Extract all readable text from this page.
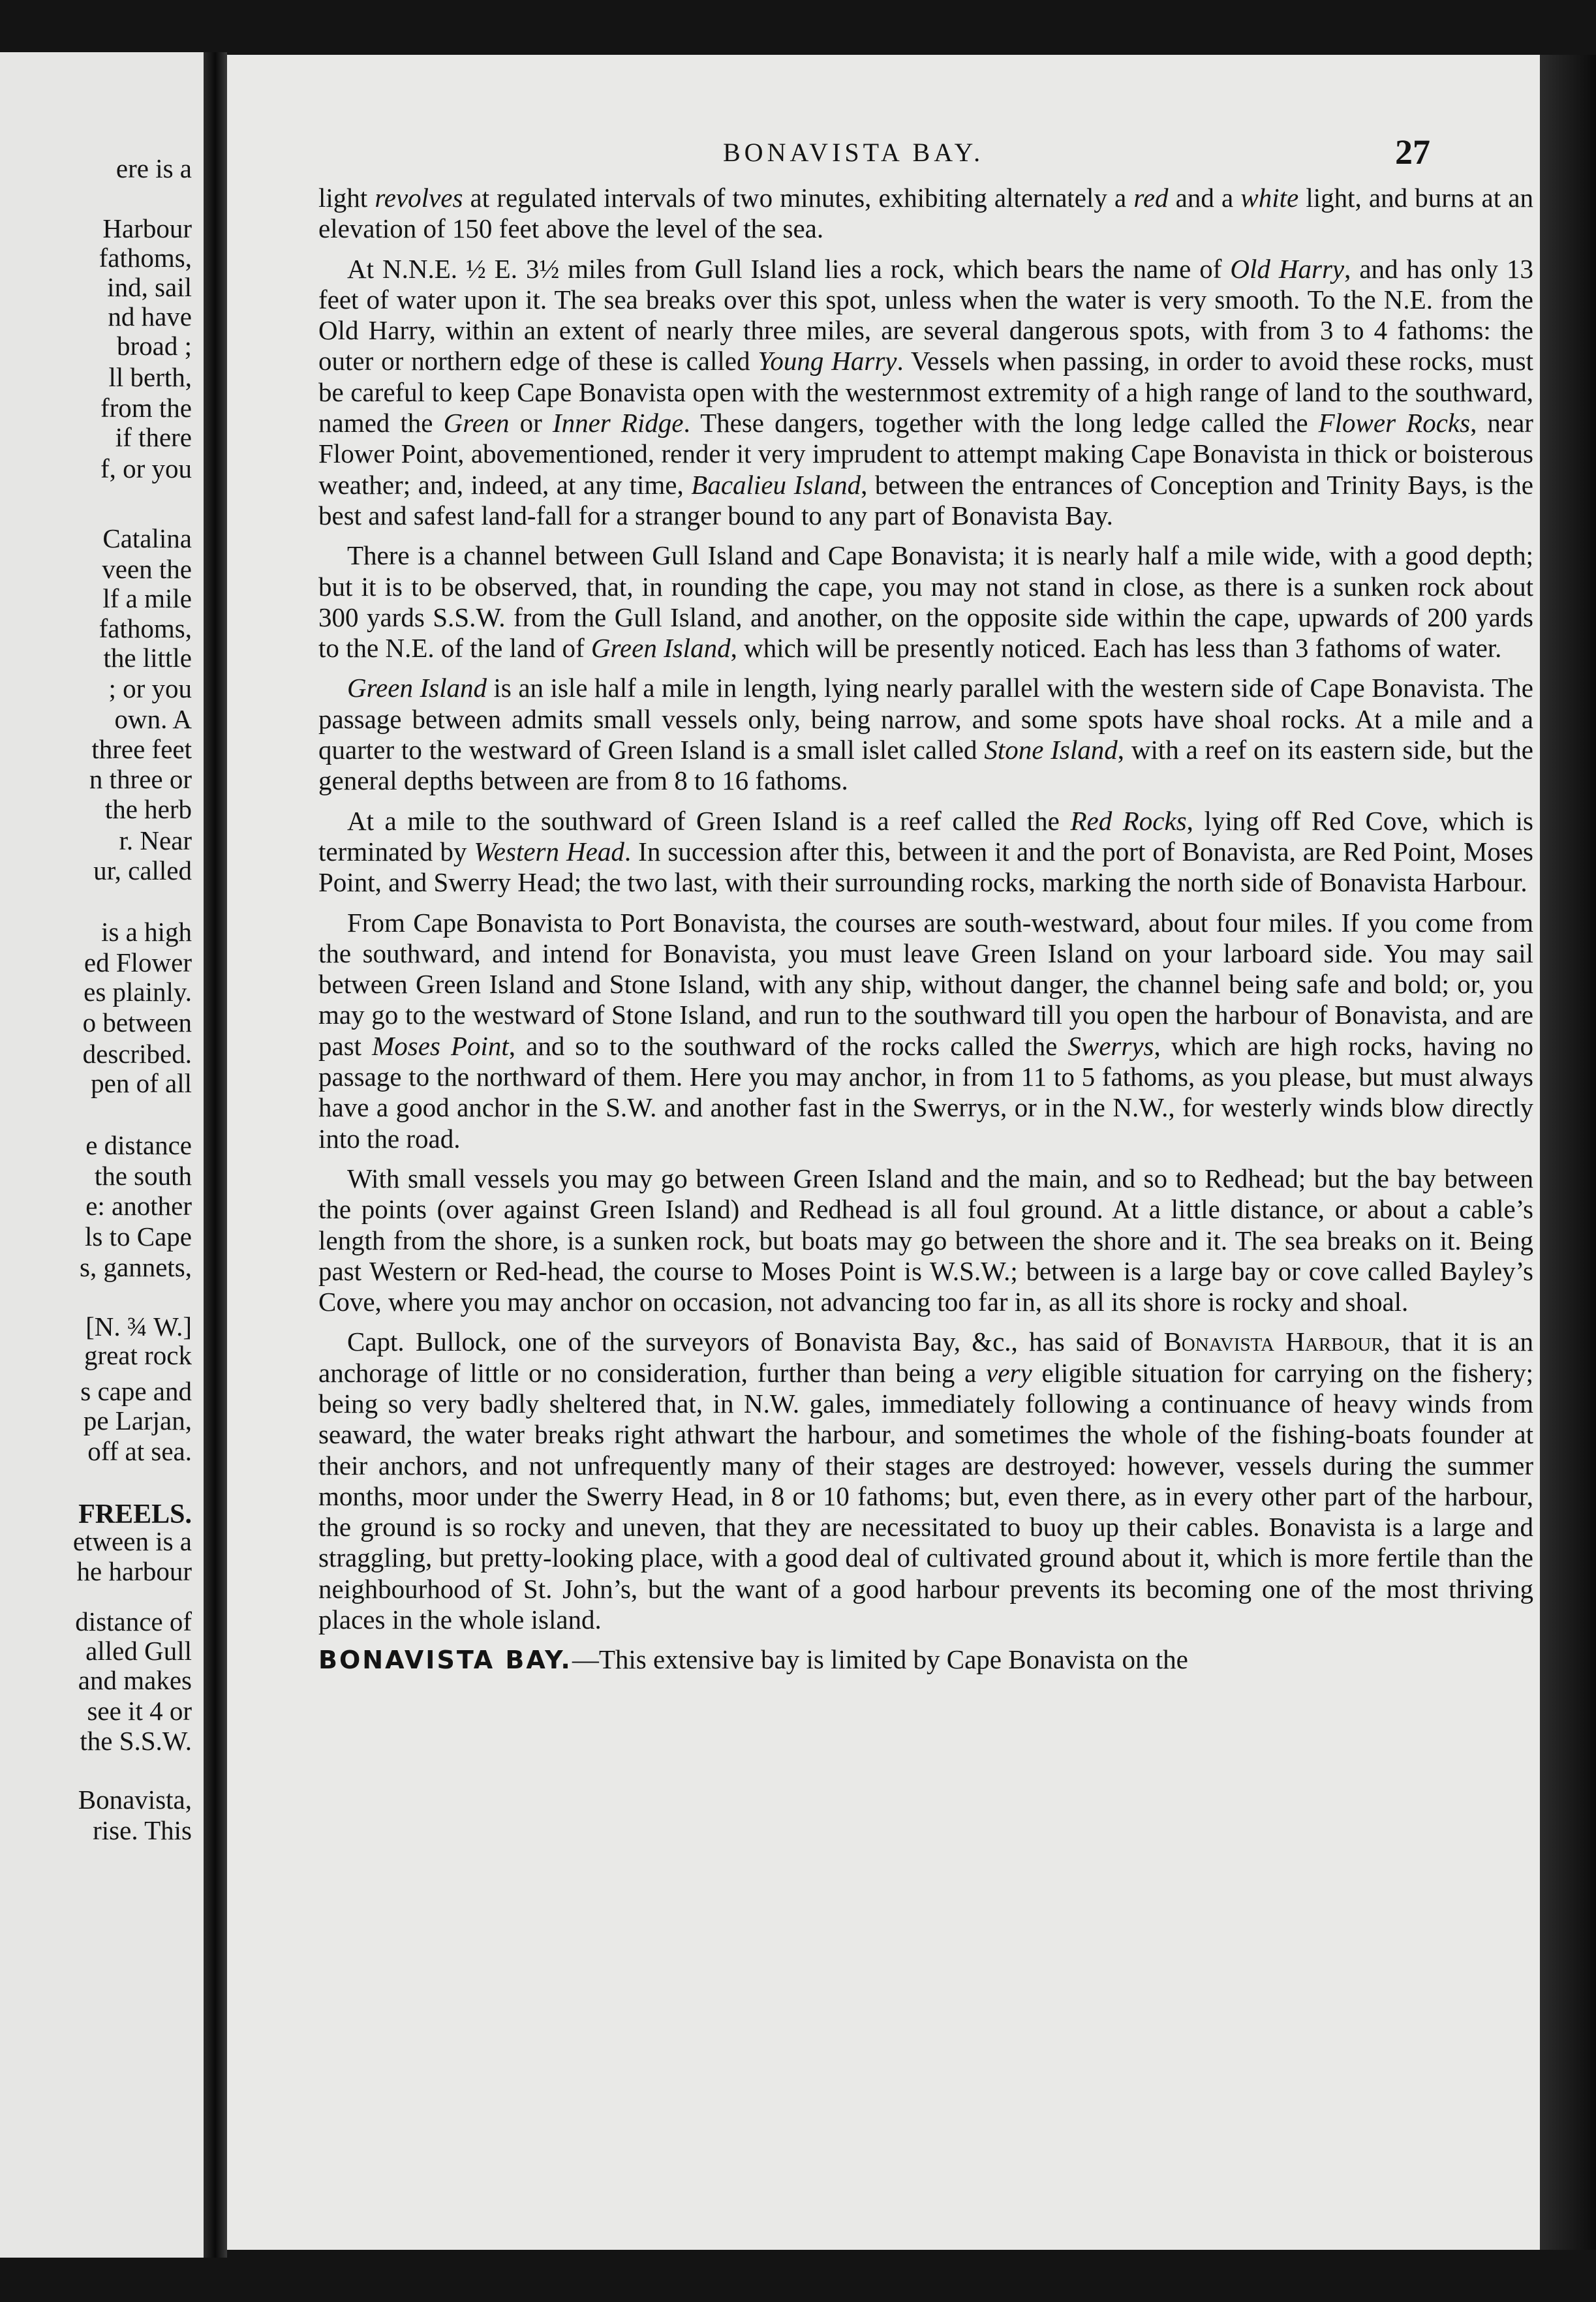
ere is a
Harbour
fathoms,
ind, sail
nd have
broad ;
ll berth,
from the
if there
f, or you
Catalina
veen the
lf a mile
fathoms,
the little
; or you
own. A
three feet
n three or
the herb
r. Near
ur, called
is a high
ed Flower
es plainly.
o between
described.
pen of all
e distance
the south
e: another
ls to Cape
s, gannets,
[N. ¾ W.]
great rock
s cape and
pe Larjan,
off at sea.
FREELS.
etween is a
he harbour
distance of
alled Gull
and makes
see it 4 or
the S.S.W.
Bonavista,
rise. This
BONAVISTA BAY.	27

light revolves at regulated intervals of two minutes, exhibiting alternately a red and a white light, and burns at an elevation of 150 feet above the level of the sea.

At N.N.E. ½ E. 3½ miles from Gull Island lies a rock, which bears the name of Old Harry, and has only 13 feet of water upon it. The sea breaks over this spot, unless when the water is very smooth. To the N.E. from the Old Harry, within an extent of nearly three miles, are several dangerous spots, with from 3 to 4 fathoms: the outer or northern edge of these is called Young Harry. Vessels when passing, in order to avoid these rocks, must be careful to keep Cape Bonavista open with the westernmost extremity of a high range of land to the southward, named the Green or Inner Ridge. These dangers, together with the long ledge called the Flower Rocks, near Flower Point, abovementioned, render it very imprudent to attempt making Cape Bonavista in thick or boisterous weather; and, indeed, at any time, Bacalieu Island, between the entrances of Conception and Trinity Bays, is the best and safest land-fall for a stranger bound to any part of Bonavista Bay.

There is a channel between Gull Island and Cape Bonavista; it is nearly half a mile wide, with a good depth; but it is to be observed, that, in rounding the cape, you may not stand in close, as there is a sunken rock about 300 yards S.S.W. from the Gull Island, and another, on the opposite side within the cape, upwards of 200 yards to the N.E. of the land of Green Island, which will be presently noticed. Each has less than 3 fathoms of water.

Green Island is an isle half a mile in length, lying nearly parallel with the western side of Cape Bonavista. The passage between admits small vessels only, being narrow, and some spots have shoal rocks. At a mile and a quarter to the westward of Green Island is a small islet called Stone Island, with a reef on its eastern side, but the general depths between are from 8 to 16 fathoms.

At a mile to the southward of Green Island is a reef called the Red Rocks, lying off Red Cove, which is terminated by Western Head. In succession after this, between it and the port of Bonavista, are Red Point, Moses Point, and Swerry Head; the two last, with their surrounding rocks, marking the north side of Bonavista Harbour.

From Cape Bonavista to Port Bonavista, the courses are south-westward, about four miles. If you come from the southward, and intend for Bonavista, you must leave Green Island on your larboard side. You may sail between Green Island and Stone Island, with any ship, without danger, the channel being safe and bold; or, you may go to the westward of Stone Island, and run to the southward till you open the harbour of Bonavista, and are past Moses Point, and so to the southward of the rocks called the Swerrys, which are high rocks, having no passage to the northward of them. Here you may anchor, in from 11 to 5 fathoms, as you please, but must always have a good anchor in the S.W. and another fast in the Swerrys, or in the N.W., for westerly winds blow directly into the road.

With small vessels you may go between Green Island and the main, and so to Redhead; but the bay between the points (over against Green Island) and Redhead is all foul ground. At a little distance, or about a cable’s length from the shore, is a sunken rock, but boats may go between the shore and it. The sea breaks on it. Being past Western or Red-head, the course to Moses Point is W.S.W.; between is a large bay or cove called Bayley’s Cove, where you may anchor on occasion, not advancing too far in, as all its shore is rocky and shoal.

Capt. Bullock, one of the surveyors of Bonavista Bay, &c., has said of Bonavista Harbour, that it is an anchorage of little or no consideration, further than being a very eligible situation for carrying on the fishery; being so very badly sheltered that, in N.W. gales, immediately following a continuance of heavy winds from seaward, the water breaks right athwart the harbour, and sometimes the whole of the fishing-boats founder at their anchors, and not unfrequently many of their stages are destroyed: however, vessels during the summer months, moor under the Swerry Head, in 8 or 10 fathoms; but, even there, as in every other part of the harbour, the ground is so rocky and uneven, that they are necessitated to buoy up their cables. Bonavista is a large and straggling, but pretty-looking place, with a good deal of cultivated ground about it, which is more fertile than the neighbourhood of St. John’s, but the want of a good harbour prevents its becoming one of the most thriving places in the whole island.

BONAVISTA BAY.—This extensive bay is limited by Cape Bonavista on the
